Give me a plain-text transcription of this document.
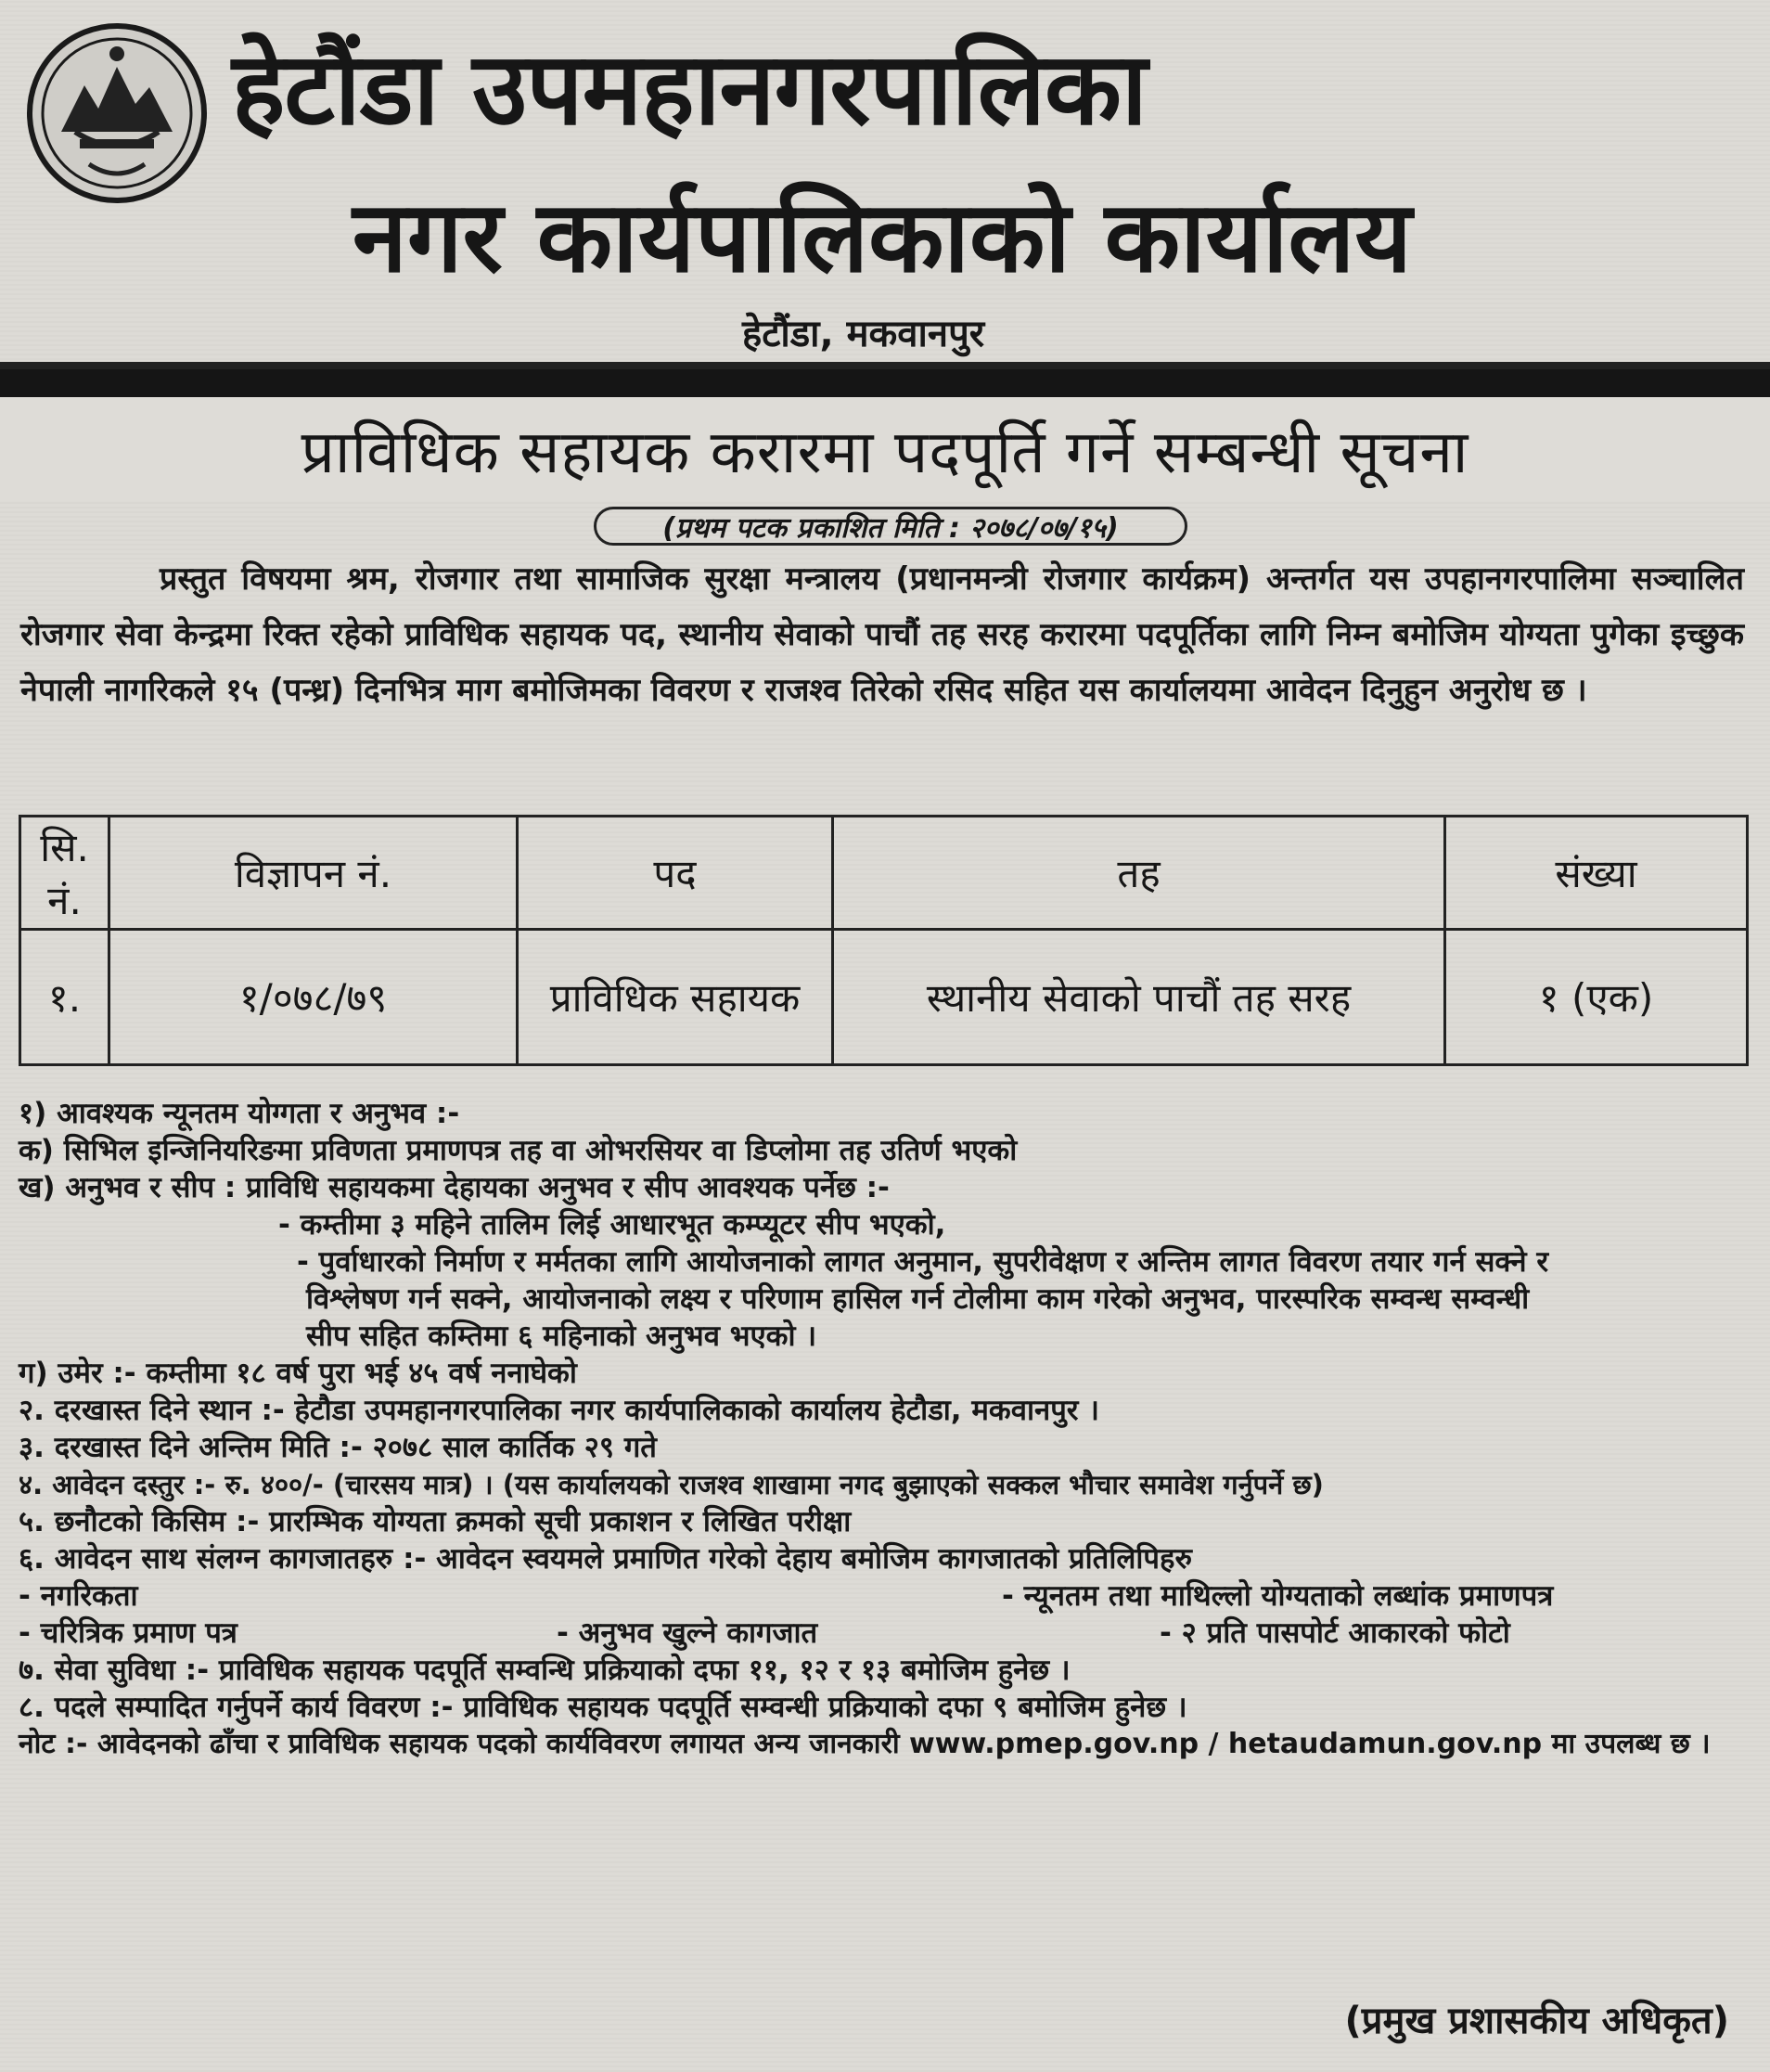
हेटौंडा उपमहानगरपालिका
नगर कार्यपालिकाको कार्यालय
हेटौंडा, मकवानपुर
प्राविधिक सहायक करारमा पदपूर्ति गर्ने सम्बन्धी सूचना
(प्रथम पटक प्रकाशित मिति : २०७८/०७/१५)
प्रस्तुत विषयमा श्रम, रोजगार तथा सामाजिक सुरक्षा मन्त्रालय (प्रधानमन्त्री रोजगार कार्यक्रम) अन्तर्गत यस उपहानगरपालिमा सञ्चालित रोजगार सेवा केन्द्रमा रिक्त रहेको प्राविधिक सहायक पद, स्थानीय सेवाको पाचौं तह सरह करारमा पदपूर्तिका लागि निम्न बमोजिम योग्यता पुगेका इच्छुक नेपाली नागरिकले १५ (पन्ध्र) दिनभित्र माग बमोजिमका विवरण र राजश्व तिरेको रसिद सहित यस कार्यालयमा आवेदन दिनुहुन अनुरोध छ ।
सि. नं.	विज्ञापन नं.	पद	तह	संख्या
१.	१/०७८/७९	प्राविधिक सहायक	स्थानीय सेवाको पाचौं तह सरह	१ (एक)
१) आवश्यक न्यूनतम योग्गता र अनुभव :-
क) सिभिल इन्जिनियरिङमा प्रविणता प्रमाणपत्र तह वा ओभरसियर वा डिप्लोमा तह उतिर्ण भएको
ख) अनुभव र सीप : प्राविधि सहायकमा देहायका अनुभव र सीप आवश्यक पर्नेछ :-
- कम्तीमा ३ महिने तालिम लिई आधारभूत कम्प्यूटर सीप भएको,
- पुर्वाधारको निर्माण र मर्मतका लागि आयोजनाको लागत अनुमान, सुपरीवेक्षण र अन्तिम लागत विवरण तयार गर्न सक्ने र
विश्लेषण गर्न सक्ने, आयोजनाको लक्ष्य र परिणाम हासिल गर्न टोलीमा काम गरेको अनुभव, पारस्परिक सम्वन्ध सम्वन्धी
सीप सहित कम्तिमा ६ महिनाको अनुभव भएको ।
ग) उमेर :- कम्तीमा १८ वर्ष पुरा भई ४५ वर्ष ननाघेको
२. दरखास्त दिने स्थान :- हेटौडा उपमहानगरपालिका नगर कार्यपालिकाको कार्यालय हेटौडा, मकवानपुर ।
३. दरखास्त दिने अन्तिम मिति :- २०७८ साल कार्तिक २९ गते
४. आवेदन दस्तुर :- रु. ४००/- (चारसय मात्र) । (यस कार्यालयको राजश्व शाखामा नगद बुझाएको सक्कल भौचार समावेश गर्नुपर्ने छ)
५. छनौटको किसिम :- प्रारम्भिक योग्यता क्रमको सूची प्रकाशन र लिखित परीक्षा
६. आवेदन साथ संलग्न कागजातहरु :- आवेदन स्वयमले प्रमाणित गरेको देहाय बमोजिम कागजातको प्रतिलिपिहरु
- नगरिकता	- न्यूनतम तथा माथिल्लो योग्यताको लब्धांक प्रमाणपत्र
- चरित्रिक प्रमाण पत्र	- अनुभव खुल्ने कागजात	- २ प्रति पासपोर्ट आकारको फोटो
७. सेवा सुविधा :- प्राविधिक सहायक पदपूर्ति सम्वन्धि प्रक्रियाको दफा ११, १२ र १३ बमोजिम हुनेछ ।
८. पदले सम्पादित गर्नुपर्ने कार्य विवरण :- प्राविधिक सहायक पदपूर्ति सम्वन्धी प्रक्रियाको दफा ९ बमोजिम हुनेछ ।
नोट :- आवेदनको ढाँचा र प्राविधिक सहायक पदको कार्यविवरण लगायत अन्य जानकारी www.pmep.gov.np / hetaudamun.gov.np मा उपलब्ध छ ।
(प्रमुख प्रशासकीय अधिकृत)
